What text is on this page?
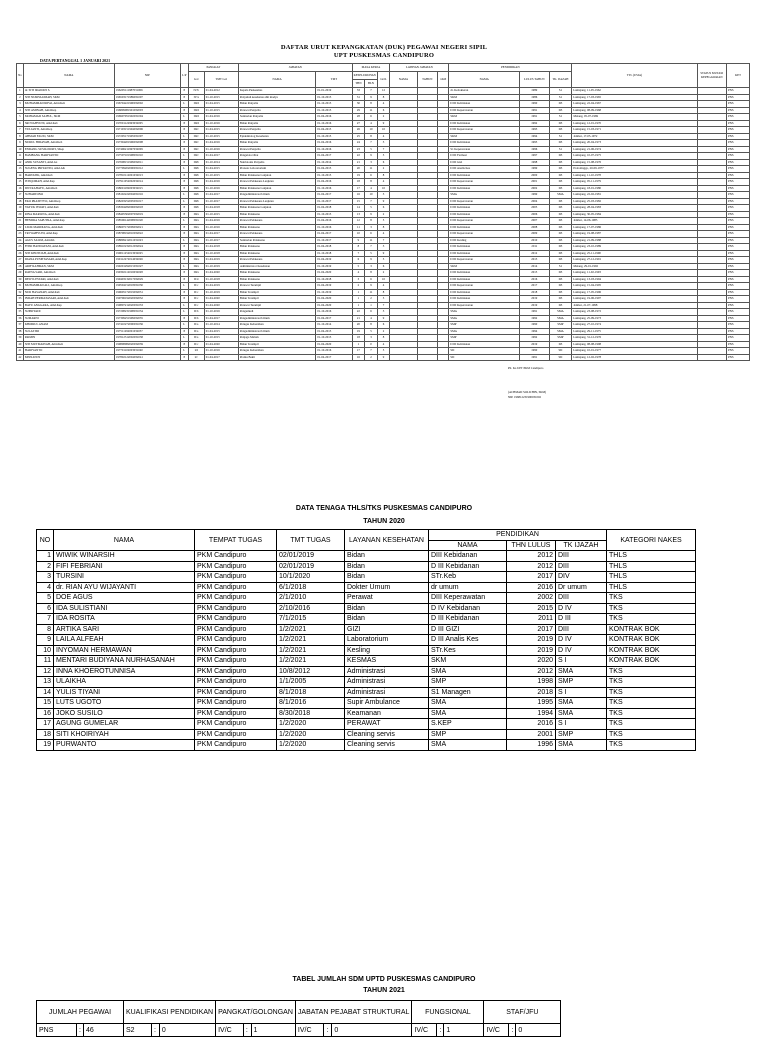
DAFTAR URUT KEPANGKATAN (DUK) PEGAWAI NEGERI SIPIL
UPT PUSKESMAS CANDIPURO
DATA PERTANGGAL 1 JANUARI 2021
No	NAMA	NIP	L/P	PANGKAT		JABATAN		MASA KERJA			LATIHAN JABATAN			PENDIDIKAN			TTL (USIA)	STATUS MUTASI KEPEGAWAIAN	KET
				Gol	TMT Gol	NAMA	TMT	KESELURUHAN		GOL	NAMA	TAHUN	JAM	NAMA	LULUS TAHUN	TK. IJAZAH			
								THN	BLN										
1	dr. SITI IRAWATI S.	196205111987031006	P	IV/b	01-04-2012	Kepala Puskesmas	01-01-2019	33	7	12				dr. Kedokteran	1989	S1	Lumajang, 11-05-1962		PNS
2	SITI NURHALIMAH, SKM	196503171989031007	P	IV/a	01-10-2015	Penyuluh kesehatan ahli madya	01-10-2015	31	9	8				SKM	1986	S1	Lumajang, 17-03-1965		PNS
3	MUHAMMAD RIFAI, Amd.Keb	196704221990032002	L	III/d	01-04-2015	Bidan Penyelia	01-10-2015	30	8	4				D III Kebidanan	1990	D3	Lumajang, 22-04-1967		PNS
4	SITI AMINAH, Amd.Kep	196809081991032003	P	III/d	01-10-2015	Perawat Penyelia	01-10-2015	29	11	6				D III Keperawatan	1991	D3	Lumajang, 08-09-1968		PNS
5	MOHAMAD SAIFUL, SKM	196907051992031004	L	III/d	01-04-2016	Sanitarian Penyelia	01-04-2016	28	6	2				SKM	1991	S1	Malang, 05-07-1969		PNS
6	SRI WAHYUNI, Amd.Keb	197001122993032005	P	III/d	01-10-2016	Bidan Penyelia	01-10-2016	27	4	9				D III Kebidanan	1992	D3	Lumajang, 12-01-1970		PNS
7	YULIANTI, Amd.Kep	197103151994032006	P	III/c	01-04-2015	Perawat Penyelia	01-04-2015	26	10	10				D III Keperawatan	1993	D3	Lumajang, 15-03-1971		PNS
8	AHMAD FAUZI, SKM	197205171995031007	L	III/c	01-10-2015	Epidemiolog Kesehatan	01-10-2015	25	8	4				SKM	1994	S1	Jember, 17-05-1972		PNS
9	NURUL HIDAYAH, Amd.Keb	197304201996032008	P	III/c	01-04-2016	Bidan Penyelia	01-04-2016	24	7	3				D III Kebidanan	1995	D3	Lumajang, 20-04-1973		PNS
10	ENDANG SUSILOWATI, SKep	197406211997032009	P	III/c	01-10-2016	Perawat Penyelia	01-10-2016	23	5	7				S1 Keperawatan	1996	S1	Lumajang, 21-06-1974		PNS
11	BAMBANG HARIYANTO	197507101998031010	L	III/c	01-04-2017	Pengelola Obat	01-04-2017	22	9	5				D III Farmasi	1997	D3	Lumajang, 10-07-1975		PNS
12	ANIK SUSANTI, Amd.Gz	197608151999032011	P	III/b	01-10-2014	Nutrisionis Penyelia	01-10-2014	21	3	6				D III Gizi	1998	D3	Lumajang, 15-08-1976		PNS
13	SUGENG PRIYANTO, Amd.AK	197709202000031012	L	III/b	01-04-2015	Pranata Laboratorium	01-04-2015	20	11	2				D III Analis Kes	1999	D3	Probolinggo, 20-09-1977		PNS
14	HARTATIK, Amd.Keb	197810112001032013	P	III/b	01-10-2015	Bidan Pelaksana Lanjutan	01-10-2015	19	6	8				D III Kebidanan	2000	D3	Lumajang, 11-10-1978		PNS
15	ISTIQOMAH, Amd.Kep	197911052002032014	P	III/b	01-04-2016	Perawat Pelaksana Lanjutan	01-04-2016	18	8	4				D III Keperawatan	2001	D3	Lumajang, 05-11-1979		PNS
16	DWI RAHAYU, Amd.Keb	198001182003032015	P	III/b	01-10-2016	Bidan Pelaksana Lanjutan	01-10-2016	17	4	10				D III Kebidanan	2002	D3	Lumajang, 18-01-1980		PNS
17	SUHARTONO	198102222004031016	L	III/b	01-04-2017	Pengadministrasi Umum	01-04-2017	16	10	3				SMA	1999	SMA	Lumajang, 22-02-1981		PNS
18	EKO PRASETYO, Amd.Kep	198203252005031017	L	III/b	01-10-2017	Perawat Pelaksana Lanjutan	01-10-2017	15	7	9				D III Keperawatan	2004	D3	Lumajang, 25-03-1982		PNS
19	YAYUK ISWATI, Amd.Keb	198304282006032018	P	III/b	01-04-2018	Bidan Pelaksana Lanjutan	01-04-2018	14	5	6				D III Kebidanan	2005	D3	Lumajang, 28-04-1983		PNS
20	RINA MARLINA, Amd.Keb	198405302007032019	P	III/a	01-10-2015	Bidan Pelaksana	01-10-2015	13	9	2				D III Kebidanan	2006	D3	Lumajang, 30-05-1984		PNS
21	HENDRA SAPUTRA, Amd.Kep	198506142008031020	L	III/a	01-04-2016	Perawat Pelaksana	01-04-2016	12	8	5				D III Keperawatan	2007	D3	Jember, 14-06-1985		PNS
22	LILIK MARDIANA, Amd.Keb	198607172009032021	P	III/a	01-10-2016	Bidan Pelaksana	01-10-2016	11	3	8				D III Kebidanan	2008	D3	Lumajang, 17-07-1986		PNS
23	TRI WAHYUNI, Amd.Kep	198708192010032022	P	III/a	01-04-2017	Perawat Pelaksana	01-04-2017	10	6	4				D III Keperawatan	2009	D3	Lumajang, 19-08-1987		PNS
24	AGUS SALIM, Amd.KL	198809212011031023	L	III/a	01-10-2017	Sanitarian Pelaksana	01-10-2017	9	11	7				D III Kesling	2010	D3	Lumajang, 21-09-1988		PNS
25	FITRI HANDAYANI, Amd.Keb	198910232012032024	P	III/a	01-04-2018	Bidan Pelaksana	01-04-2018	8	7	3				D III Kebidanan	2011	D3	Lumajang, 23-10-1989		PNS
26	SITI KHOTIJAH, Amd.Keb	199011252013032025	P	III/a	01-10-2018	Bidan Pelaksana	01-10-2018	7	5	9				D III Kebidanan	2012	D3	Lumajang, 25-11-1990		PNS
27	DIANA PUSPITASARI, Amd.Kep	199112272014032026	P	III/a	01-04-2019	Perawat Pelaksana	01-04-2019	6	9	5				D III Keperawatan	2013	D3	Lumajang, 27-12-1991		PNS
28	ARIF RAHMAN, SKM	199201292015031027	L	III/a	01-10-2019	Administrator Kesehatan	01-10-2019	5	3	6				SKM	2014	S1	Malang, 29-01-1992		PNS
29	RATNA SARI, Amd.Keb	199302112016032028	P	III/a	01-04-2020	Bidan Pelaksana	01-04-2020	4	8	2				D III Kebidanan	2015	D3	Lumajang, 11-02-1993		PNS
30	DEWI LESTARI, Amd.Keb	199403132017032029	P	II/d	01-10-2018	Bidan Pelaksana	01-10-2018	3	6	10				D III Kebidanan	2016	D3	Lumajang, 13-03-1994		PNS
31	MUHAMMAD ALI, Amd.Kep	199504152018031030	L	II/c	01-04-2019	Perawat Terampil	01-04-2019	2	9	4				D III Keperawatan	2017	D3	Lumajang, 15-04-1995		PNS
32	NUR HASANAH, Amd.Keb	199605172019032031	P	II/c	01-10-2019	Bidan Terampil	01-10-2019	1	11	8				D III Kebidanan	2018	D3	Lumajang, 17-05-1996		PNS
33	INDAH PERMATASARI, Amd.Keb	199706192020032032	P	II/c	01-04-2020	Bidan Terampil	01-04-2020	1	2	5				D III Kebidanan	2019	D3	Lumajang, 19-06-1997		PNS
34	BAYU ANGGARA, Amd.Kep	199807212020031033	L	II/c	01-04-2020	Perawat Terampil	01-04-2020	1	1	7				D III Keperawatan	2019	D3	Jember, 21-07-1998		PNS
35	SUPRIYADI	197208231998031034	L	II/b	01-10-2016	Pengemudi	01-10-2016	22	6	3				SMA	1991	SMA	Lumajang, 23-08-1972		PNS
36	SUMARNI	197309251999032035	P	II/b	01-04-2017	Pengadministrasi Umum	01-04-2017	21	4	9				SMA	1992	SMA	Lumajang, 25-09-1973		PNS
37	KHOIRUL ANAM	197410272000031036	L	II/a	01-10-2014	Petugas Kebersihan	01-10-2014	20	8	6				SMP	1990	SMP	Lumajang, 27-10-1974		PNS
38	SULASTRI	197511292001032037	P	II/a	01-04-2015	Pengadministrasi Umum	01-04-2015	19	5	2				SMA	1994	SMA	Lumajang, 29-11-1975		PNS
39	PAIMIN	197612312002031038	L	II/a	01-10-2015	Penjaga Malam	01-10-2015	18	3	8				SMP	1992	SMP	Lumajang, 31-12-1976		PNS
40	SITI MUTMAINAH, Amd.Keb	199808082020032039	P	II/c	01-04-2020	Bidan Terampil	01-04-2020	1	0	4				D III Kebidanan	2019	D3	Lumajang, 08-08-1998		PNS
41	HARIYANTO	197701102003031040	L	I/d	01-10-2016	Petugas Kebersihan	01-10-2016	17	7	5				SD	1990	SD	Lumajang, 10-01-1977		PNS
42	MISNATUN	197802122004032041	P	I/c	01-04-2017	Pramu Bakti	01-04-2017	16	2	9				SD	1991	SD	Lumajang, 12-02-1978		PNS
Plt. Ka UPT PKM Candipuro
(ACHMAD SOLICHIN, SKM)
NIP. 196812231990031002
DATA TENAGA THLS/TKS PUSKESMAS CANDIPURO
TAHUN 2020
NO	NAMA	TEMPAT TUGAS	TMT TUGAS	LAYANAN KESEHATAN	PENDIDIKAN			KATEGORI NAKES
					NAMA	THN LULUS	TK IJAZAH	
1	WIWIK WINARSIH	PKM Candipuro	02/01/2019	Bidan	DIII Kebidanan	2012	DIII	THLS
2	FIFI FEBRIANI	PKM Candipuro	02/01/2019	Bidan	D III Kebidanan	2012	DIII	THLS
3	TURSINI	PKM Candipuro	10/1/2020	Bidan	STr.Keb	2017	DIV	THLS
4	dr. RIAN AYU WIJAYANTI	PKM Candipuro	6/1/2018	Dokter Umum	dr umum	2016	Dr umum	THLS
5	DOE AGUS	PKM Candipuro	2/1/2010	Perawat	DIII Keperawatan	2002	DIII	TKS
6	IDA SULISTIANI	PKM Candipuro	2/10/2016	Bidan	D IV Kebidanan	2015	D IV	TKS
7	IDA ROSITA	PKM Candipuro	7/1/2015	Bidan	D III Kebidanan	2011	D III	TKS
8	ARTIKA SARI	PKM Candipuro	1/2/2021	GIZI	D III GIZI	2017	DIII	KONTRAK BOK
9	LAILA ALFEAH	PKM Candipuro	1/2/2021	Laboratorium	D III Analis Kes	2019	D IV	KONTRAK BOK
10	INYOMAN HERMAWAN	PKM Candipuro	1/2/2021	Kesling	STr.Kes	2019	D IV	KONTRAK BOK
11	MENTARI BUDIYANA NURHASANAH	PKM Candipuro	1/2/2021	KESMAS	SKM	2020	S I	KONTRAK BOK
12	INNA KHOEROTUNNISA	PKM Candipuro	10/8/2012	Administrasi	SMA	2012	SMA	TKS
13	ULAIKHA	PKM Candipuro	1/1/2005	Administrasi	SMP	1998	SMP	TKS
14	YULIS TIYANI	PKM Candipuro	8/1/2018	Administrasi	S1 Managen	2018	S I	TKS
15	LUTS UGOTO	PKM Candipuro	8/1/2016	Supir Ambulance	SMA	1995	SMA	TKS
16	JOKO SUSILO	PKM Candipuro	8/30/2018	Keamanan	SMA	1994	SMA	TKS
17	AGUNG GUMELAR	PKM Candipuro	1/2/2020	PERAWAT	S.KEP	2016	S I	TKS
18	SITI KHOIRIYAH	PKM Candipuro	1/2/2020	Cleaning servis	SMP	2001	SMP	TKS
19	PURWANTO	PKM Candipuro	1/2/2020	Cleaning servis	SMA	1996	SMA	TKS
TABEL JUMLAH SDM UPTD PUSKESMAS CANDIPURO
TAHUN 2021
JUMLAH PEGAWAI			KUALIFIKASI PENDIDIKAN			PANGKAT/GOLONGAN			JABATAN PEJABAT STRUKTURAL			FUNGSIONAL			STAF/JFU		
PNS	:	46	S2	:	0	IV/C	:	1	IV/C	:	0	IV/C	:	1	IV/C	:	0
